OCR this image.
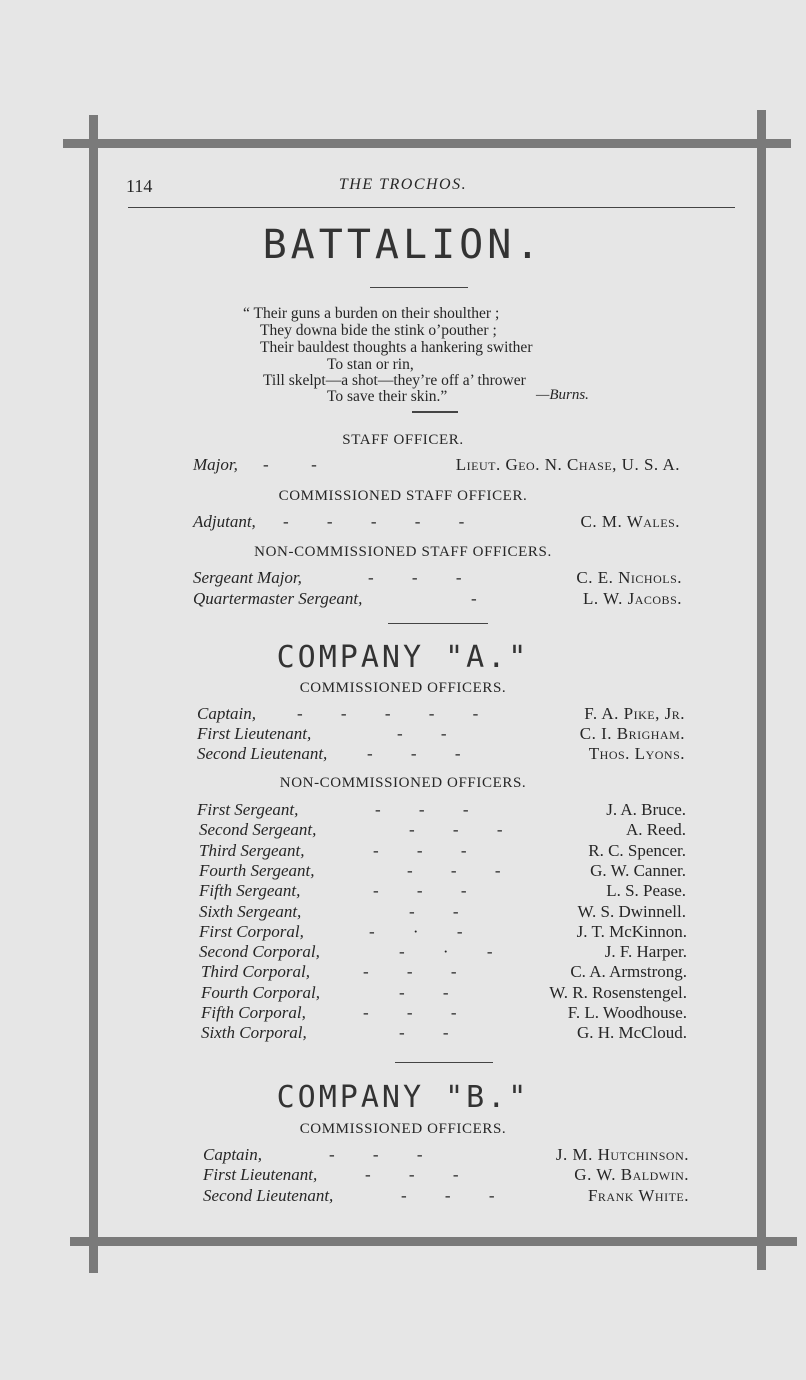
114	THE TROCHOS.
BATTALION.
“ Their guns a burden on their shoulther ;
They downa bide the stink o’pouther ;
Their bauldest thoughts a hankering swither
To stan or rin,
Till skelpt—a shot—they’re off a’ thrower
To save their skin.”	—Burns.
STAFF OFFICER.
Major, -          -	Lieut. Geo. N. Chase, U. S. A.
COMMISSIONED STAFF OFFICER.
Adjutant, -         -         -         -         -	C. M. Wales.
NON-COMMISSIONED STAFF OFFICERS.
Sergeant Major,	-         -         -	C. E. Nichols.
Quartermaster Sergeant,	-	L. W. Jacobs.
COMPANY "A."
COMMISSIONED OFFICERS.
Captain, -         -         -         -         -	F. A. Pike, Jr.
First Lieutenant,	-         -	C. I. Brigham.
Second Lieutenant, -         -         -	Thos. Lyons.
NON-COMMISSIONED OFFICERS.
First Sergeant,	-         -         -	J. A. Bruce.
Second Sergeant,	-         -         -	A. Reed.
Third Sergeant,	-         -         -	R. C. Spencer.
Fourth Sergeant,	-         -         -	G. W. Canner.
Fifth Sergeant,	-         -         -	L. S. Pease.
Sixth Sergeant,	-         -	W. S. Dwinnell.
First Corporal,	-         ·         -	J. T. McKinnon.
Second Corporal,	-         ·         -	J. F. Harper.
Third Corporal,	-         -         -	C. A. Armstrong.
Fourth Corporal,	-         -	W. R. Rosenstengel.
Fifth Corporal,	-         -         -	F. L. Woodhouse.
Sixth Corporal,	-         -	G. H. McCloud.
COMPANY "B."
COMMISSIONED OFFICERS.
Captain,	-         -         -	J. M. Hutchinson.
First Lieutenant,	-         -         -	G. W. Baldwin.
Second Lieutenant,	-         -         -	Frank White.
